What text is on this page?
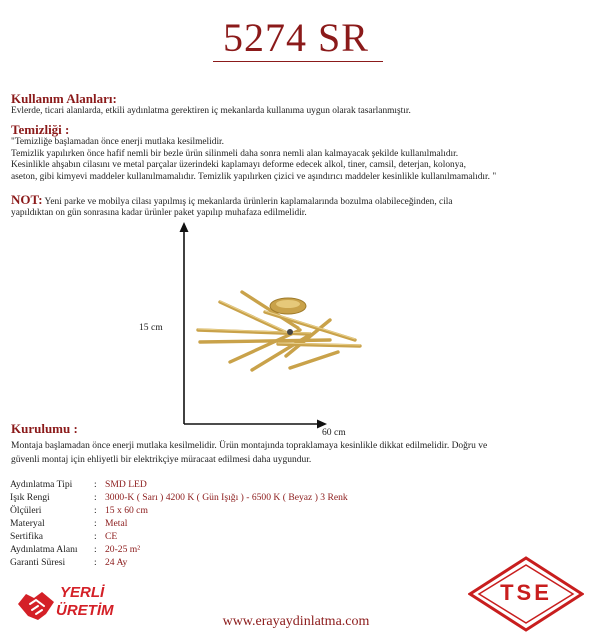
5274 SR
Kullanım Alanları:
Evlerde, ticari alanlarda, etkili aydınlatma gerektiren iç mekanlarda kullanıma uygun olarak tasarlanmıştır.
Temizliği :
"Temizliğe başlamadan önce enerji mutlaka kesilmelidir.
Temizlik yapılırken önce hafif nemli bir bezle ürün silinmeli daha sonra nemli alan kalmayacak şekilde kullanılmalıdır.
Kesinlikle ahşabın cilasını ve metal parçalar üzerindeki kaplamayı deforme edecek alkol, tiner, camsil, deterjan, kolonya,
aseton, gibi kimyevi maddeler kullanılmamalıdır. Temizlik yapılırken çizici ve aşındırıcı maddeler kesinlikle kullanılmamalıdır. "
NOT: Yeni parke ve mobilya cilası yapılmış iç mekanlarda ürünlerin kaplamalarında bozulma olabileceğinden, cila
yapıldıktan on gün sonrasına kadar ürünler paket yapılıp muhafaza edilmelidir.
15 cm
60 cm
Kurulumu :
Montaja başlamadan önce enerji mutlaka kesilmelidir. Ürün montajında topraklamaya kesinlikle dikkat edilmelidir. Doğru ve
güvenli montaj için ehliyetli bir elektrikçiye müracaat edilmesi daha uygundur.
Aydınlatma Tipi	: SMD LED
Işık Rengi	: 3000-K ( Sarı ) 4200 K ( Gün Işığı ) - 6500 K ( Beyaz ) 3 Renk
Ölçüleri	: 15 x 60 cm
Materyal	: Metal
Sertifika	: CE
Aydınlatma Alanı	: 20-25 m²
Garanti Süresi	: 24 Ay
YERLİ
ÜRETİM
TSE
www.erayaydinlatma.com
